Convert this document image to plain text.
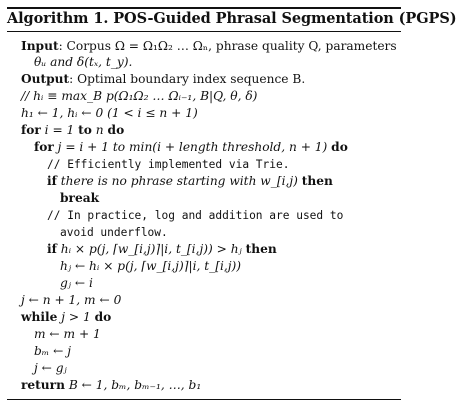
Algorithm 1. POS-Guided Phrasal Segmentation (PGPS)
Input: Corpus Ω = Ω₁Ω₂ … Ωₙ, phrase quality Q, parameters
θᵤ and δ(tₓ, t_y).
Output: Optimal boundary index sequence B.
// hᵢ ≡ max_B p(Ω₁Ω₂ … Ωᵢ₋₁, B|Q, θ, δ)
h₁ ← 1, hᵢ ← 0 (1 < i ≤ n + 1)
for i = 1 to n do
for j = i + 1 to min(i + length threshold, n + 1) do
// Efficiently implemented via Trie.
if there is no phrase starting with w_[i,j) then
break
// In practice, log and addition are used to
avoid underflow.
if hᵢ × p(j, ⌈w_[i,j)⌉|i, t_[i,j)) > hⱼ then
hⱼ ← hᵢ × p(j, ⌈w_[i,j)⌉|i, t_[i,j))
gⱼ ← i
j ← n + 1, m ← 0
while j > 1 do
m ← m + 1
bₘ ← j
j ← gⱼ
return B ← 1, bₘ, bₘ₋₁, …, b₁
